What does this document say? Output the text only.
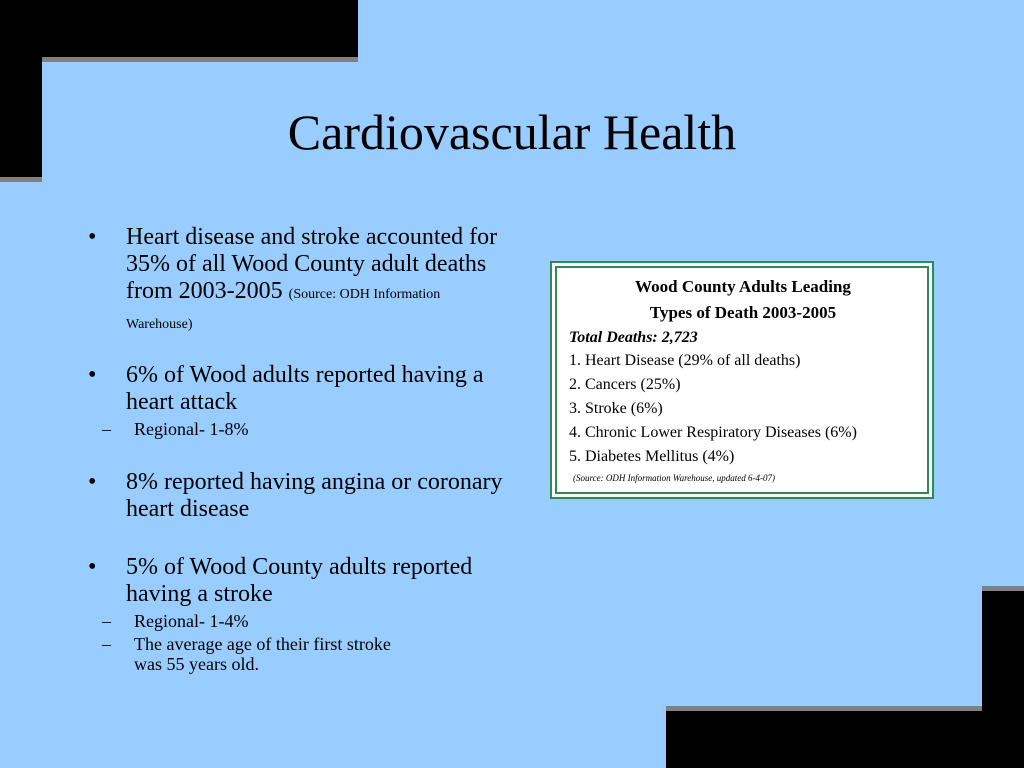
Cardiovascular Health
• Heart disease and stroke accounted for 35% of all Wood County adult deaths from 2003-2005 (Source: ODH Information Warehouse)
• 6% of Wood adults reported having a heart attack
– Regional- 1-8%
• 8% reported having angina or coronary heart disease
• 5% of Wood County adults reported having a stroke
– Regional- 1-4%
– The average age of their first stroke was 55 years old.
Wood County Adults Leading
Types of Death 2003-2005
Total Deaths: 2,723
1. Heart Disease (29% of all deaths)
2. Cancers (25%)
3. Stroke (6%)
4. Chronic Lower Respiratory Diseases (6%)
5. Diabetes Mellitus (4%)
(Source: ODH Information Warehouse, updated 6-4-07)
